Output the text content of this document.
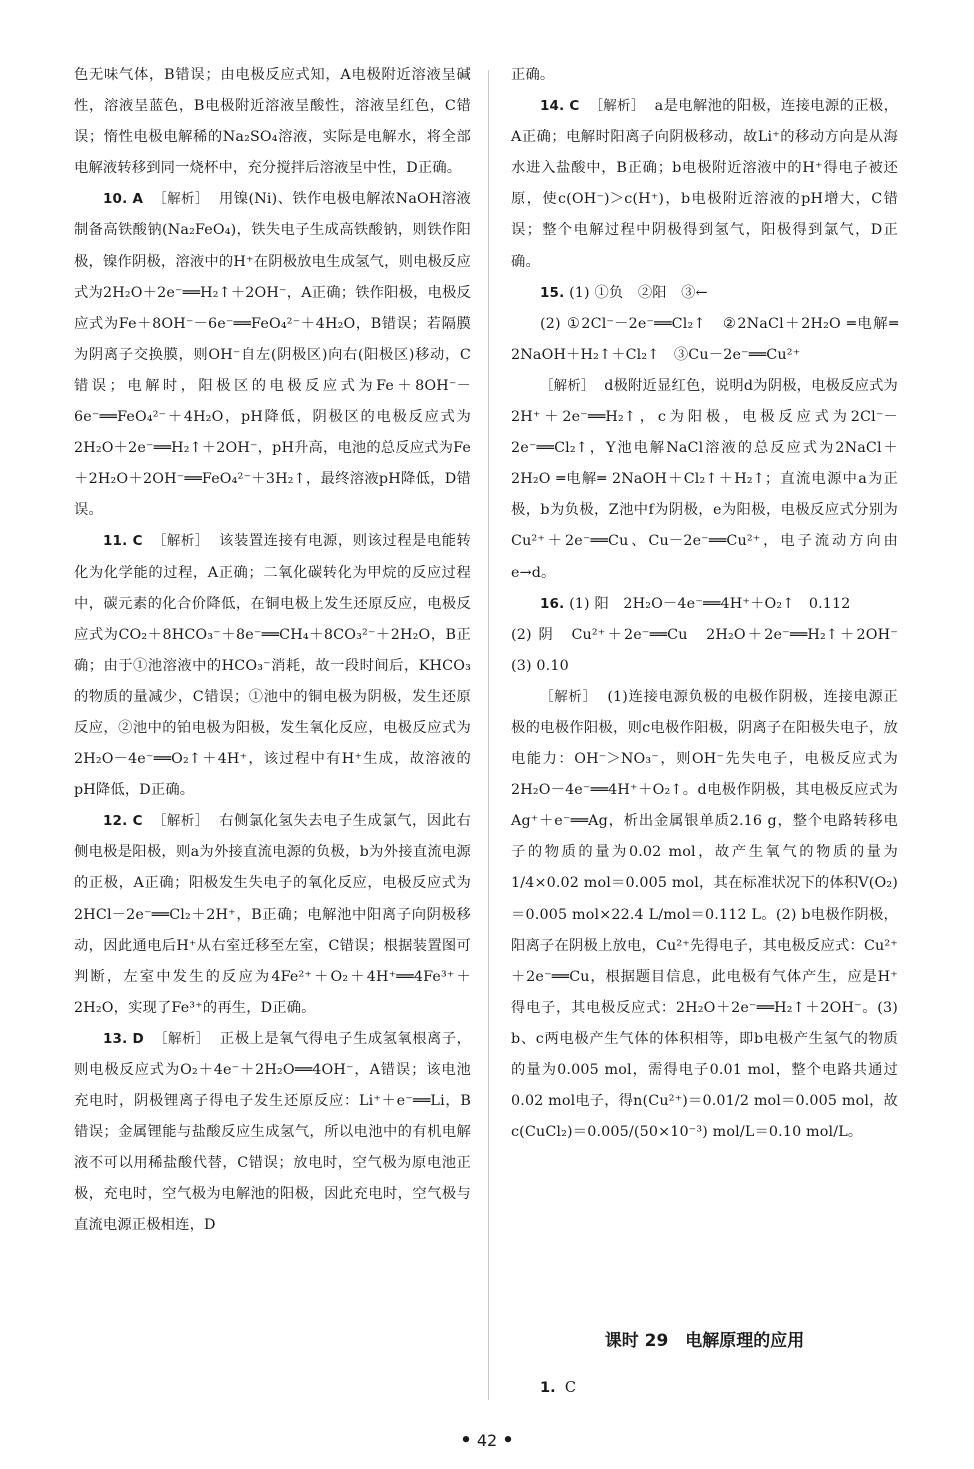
色无味气体，B错误；由电极反应式知，A电极附近溶液呈碱性，溶液呈蓝色，B电极附近溶液呈酸性，溶液呈红色，C错误；惰性电极电解稀的Na₂SO₄溶液，实际是电解水，将全部电解液转移到同一烧杯中，充分搅拌后溶液呈中性，D正确。

10. A ［解析］ 用镍(Ni)、铁作电极电解浓NaOH溶液制备高铁酸钠(Na₂FeO₄)，铁失电子生成高铁酸钠，则铁作阳极，镍作阴极，溶液中的H⁺在阴极放电生成氢气，则电极反应式为2H₂O＋2e⁻══H₂↑＋2OH⁻，A正确；铁作阳极，电极反应式为Fe＋8OH⁻－6e⁻══FeO₄²⁻＋4H₂O，B错误；若隔膜为阴离子交换膜，则OH⁻自左(阴极区)向右(阳极区)移动，C错误；电解时，阳极区的电极反应式为Fe＋8OH⁻－6e⁻══FeO₄²⁻＋4H₂O，pH降低，阴极区的电极反应式为2H₂O＋2e⁻══H₂↑＋2OH⁻，pH升高，电池的总反应式为Fe＋2H₂O＋2OH⁻══FeO₄²⁻＋3H₂↑，最终溶液pH降低，D错误。

11. C ［解析］ 该装置连接有电源，则该过程是电能转化为化学能的过程，A正确；二氧化碳转化为甲烷的反应过程中，碳元素的化合价降低，在铜电极上发生还原反应，电极反应式为CO₂＋8HCO₃⁻＋8e⁻══CH₄＋8CO₃²⁻＋2H₂O，B正确；由于①池溶液中的HCO₃⁻消耗，故一段时间后，KHCO₃的物质的量减少，C错误；①池中的铜电极为阴极，发生还原反应，②池中的铂电极为阳极，发生氧化反应，电极反应式为2H₂O－4e⁻══O₂↑＋4H⁺，该过程中有H⁺生成，故溶液的pH降低，D正确。

12. C ［解析］ 右侧氯化氢失去电子生成氯气，因此右侧电极是阳极，则a为外接直流电源的负极，b为外接直流电源的正极，A正确；阳极发生失电子的氧化反应，电极反应式为2HCl－2e⁻══Cl₂＋2H⁺，B正确；电解池中阳离子向阴极移动，因此通电后H⁺从右室迁移至左室，C错误；根据装置图可判断，左室中发生的反应为4Fe²⁺＋O₂＋4H⁺══4Fe³⁺＋2H₂O，实现了Fe³⁺的再生，D正确。

13. D ［解析］ 正极上是氧气得电子生成氢氧根离子，则电极反应式为O₂＋4e⁻＋2H₂O══4OH⁻，A错误；该电池充电时，阴极锂离子得电子发生还原反应：Li⁺＋e⁻══Li，B错误；金属锂能与盐酸反应生成氢气，所以电池中的有机电解液不可以用稀盐酸代替，C错误；放电时，空气极为原电池正极，充电时，空气极为电解池的阳极，因此充电时，空气极与直流电源正极相连，D

正确。

14. C ［解析］ a是电解池的阳极，连接电源的正极，A正确；电解时阳离子向阴极移动，故Li⁺的移动方向是从海水进入盐酸中，B正确；b电极附近溶液中的H⁺得电子被还原，使c(OH⁻)＞c(H⁺)，b电极附近溶液的pH增大，C错误；整个电解过程中阴极得到氢气，阳极得到氯气，D正确。

15. (1) ①负　②阳　③←

(2) ①2Cl⁻－2e⁻══Cl₂↑　②2NaCl＋2H₂O ═电解═ 2NaOH＋H₂↑＋Cl₂↑　③Cu－2e⁻══Cu²⁺

［解析］ d极附近显红色，说明d为阴极，电极反应式为2H⁺＋2e⁻══H₂↑，c为阳极，电极反应式为2Cl⁻－2e⁻══Cl₂↑，Y池电解NaCl溶液的总反应式为2NaCl＋2H₂O ═电解═ 2NaOH＋Cl₂↑＋H₂↑；直流电源中a为正极，b为负极，Z池中f为阴极，e为阳极，电极反应式分别为Cu²⁺＋2e⁻══Cu、Cu－2e⁻══Cu²⁺，电子流动方向由e→d。

16. (1) 阳　2H₂O－4e⁻══4H⁺＋O₂↑　0.112

(2) 阴　Cu²⁺＋2e⁻══Cu　2H₂O＋2e⁻══H₂↑＋2OH⁻　(3) 0.10

［解析］ (1)连接电源负极的电极作阴极，连接电源正极的电极作阳极，则c电极作阳极，阴离子在阳极失电子，放电能力：OH⁻＞NO₃⁻，则OH⁻先失电子，电极反应式为2H₂O－4e⁻══4H⁺＋O₂↑。d电极作阴极，其电极反应式为Ag⁺＋e⁻══Ag，析出金属银单质2.16 g，整个电路转移电子的物质的量为0.02 mol，故产生氧气的物质的量为1/4×0.02 mol＝0.005 mol，其在标准状况下的体积V(O₂)＝0.005 mol×22.4 L/mol＝0.112 L。(2) b电极作阴极，阳离子在阴极上放电，Cu²⁺先得电子，其电极反应式：Cu²⁺＋2e⁻══Cu，根据题目信息，此电极有气体产生，应是H⁺得电子，其电极反应式：2H₂O＋2e⁻══H₂↑＋2OH⁻。(3) b、c两电极产生气体的体积相等，即b电极产生氢气的物质的量为0.005 mol，需得电子0.01 mol，整个电路共通过0.02 mol电子，得n(Cu²⁺)＝0.01/2 mol＝0.005 mol，故c(CuCl₂)＝0.005/(50×10⁻³) mol/L＝0.10 mol/L。

课时 29　电解原理的应用
1. C
• 42 •
